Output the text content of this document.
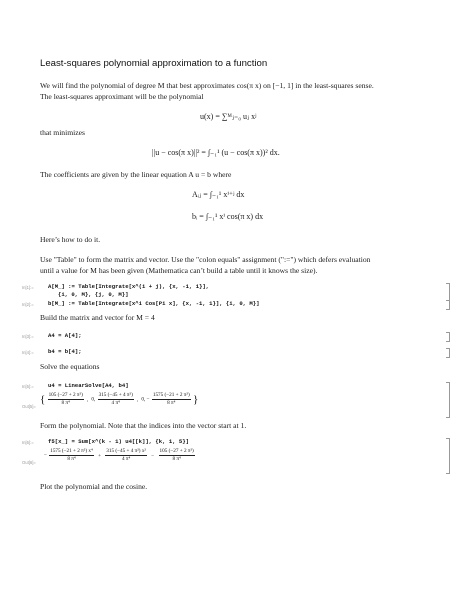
Least-squares polynomial approximation to a function
We will find the polynomial of degree M that best approximates cos(π x) on [−1, 1] in the least-squares sense.
The least-squares approximant will be the polynomial
u(x) = ∑ᴹⱼ₌₀ uⱼ xʲ
that minimizes
||u − cos(π x)||² = ∫₋₁¹ (u − cos(π x))² dx.
The coefficients are given by the linear equation A u = b where
Aᵢⱼ = ∫₋₁¹ xⁱ⁺ʲ dx
bᵢ = ∫₋₁¹ xⁱ cos(π x) dx
Here’s how to do it.
Use "Table" to form the matrix and vector. Use the "colon equals" assignment (":=") which defers evaluation
until a value for M has been given (Mathematica can’t build a table until it knows the size).
In[1]:=	A[M_] := Table[Integrate[x^(i + j), {x, -1, 1}],
{i, 0, M}, {j, 0, M}]
In[2]:=	b[M_] := Table[Integrate[x^i Cos[Pi x], {x, -1, 1}], {i, 0, M}]
Build the matrix and vector for M = 4
In[3]:=	A4 = A[4];
In[4]:=	b4 = b[4];
Solve the equations
In[5]:=	u4 = LinearSolve[A4, b4]
Out[5]=
{ $\frac{\text{105 (−27 + 2 π²)}}{\text{8 π⁴}}$ , 0, $\frac{\text{315 (−45 + 4 π²)}}{\text{4 π⁴}}$ , 0, − $\frac{\text{1575 (−21 + 2 π²)}}{\text{8 π⁴}}$ }
Form the polynomial. Note that the indices into the vector start at 1.
In[6]:=	f5[x_] = Sum[x^(k - 1) u4[[k]], {k, 1, 5}]
Out[6]=
− $\frac{\text{1575 (−21 + 2 π²) x⁴}}{\text{8 π⁴}} + \frac{\text{315 (−45 + 4 π²) x²}}{\text{4 π⁴}} - \frac{\text{105 (−27 + 2 π²)}}{\text{8 π⁴}}$
Plot the polynomial and the cosine.
